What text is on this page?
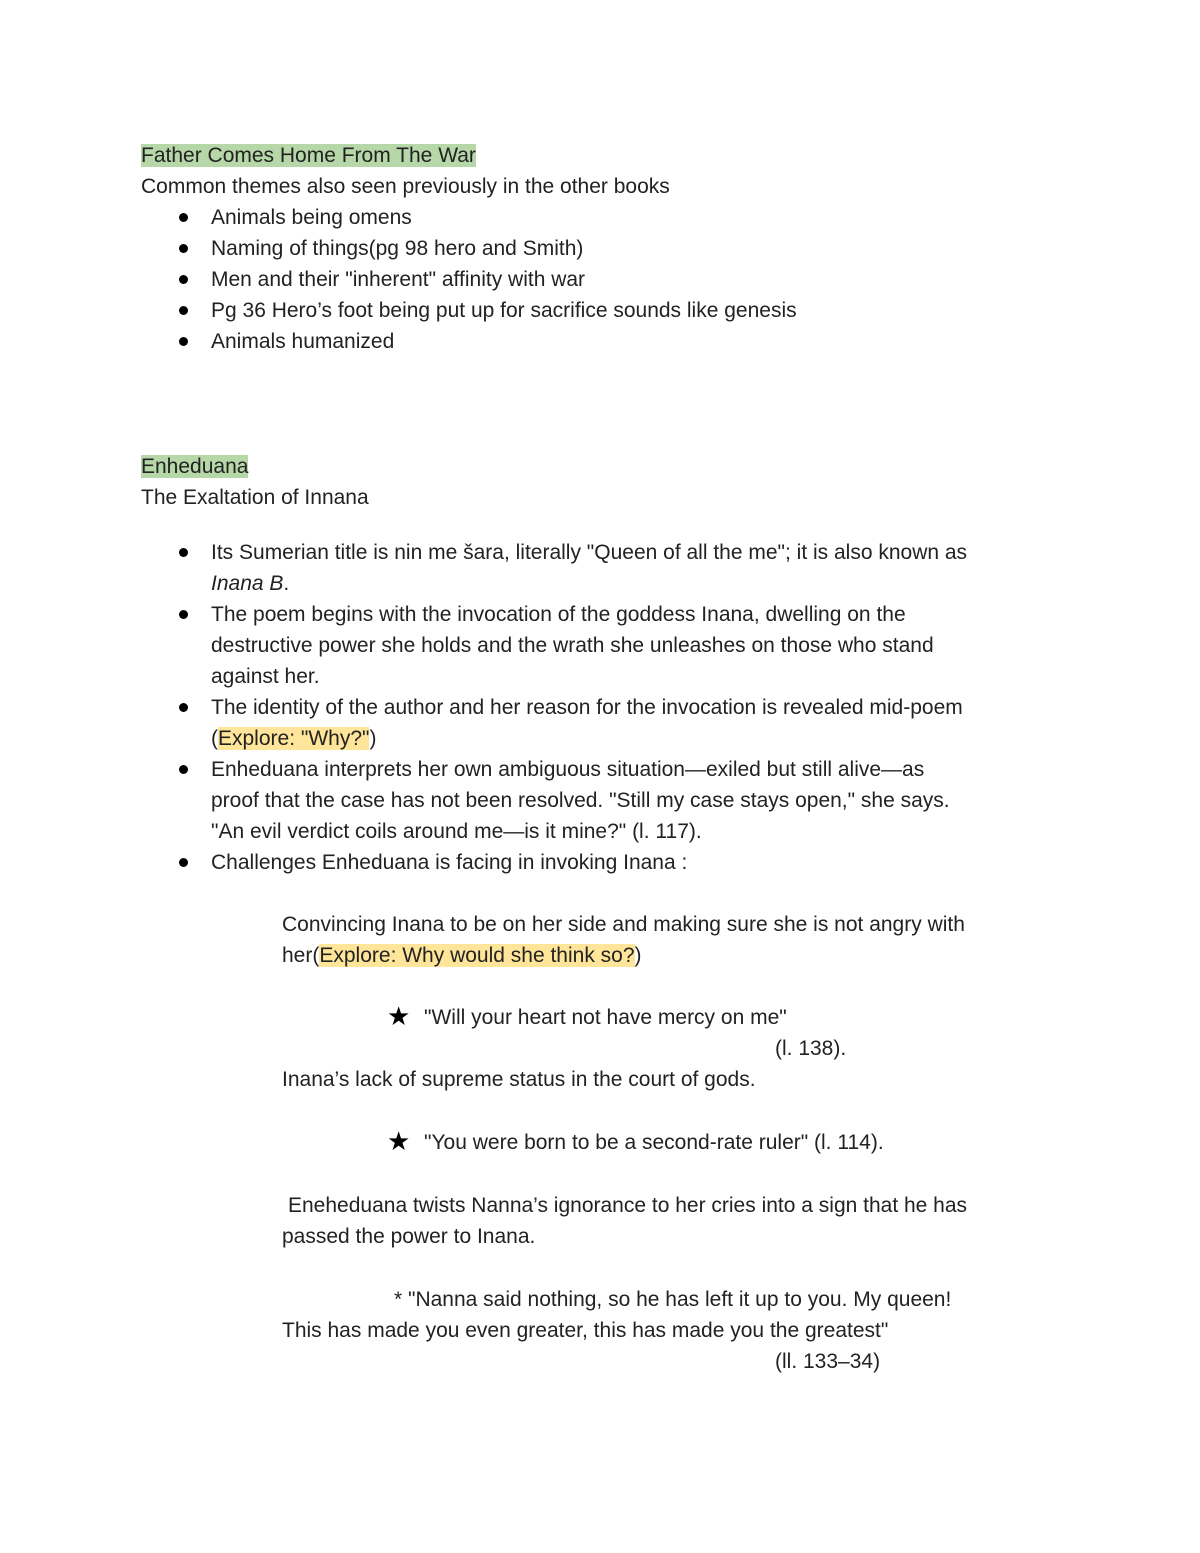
Father Comes Home From The War
Common themes also seen previously in the other books
Animals being omens
Naming of things(pg 98 hero and Smith)
Men and their "inherent" affinity with war
Pg 36 Hero’s foot being put up for sacrifice sounds like genesis
Animals humanized
Enheduana
The Exaltation of Innana
Its Sumerian title is nin me šara, literally "Queen of all the me"; it is also known as
Inana B.
The poem begins with the invocation of the goddess Inana, dwelling on the
destructive power she holds and the wrath she unleashes on those who stand
against her.
The identity of the author and her reason for the invocation is revealed mid-poem
(Explore: "Why?")
Enheduana interprets her own ambiguous situation—exiled but still alive—as
proof that the case has not been resolved. "Still my case stays open," she says.
"An evil verdict coils around me—is it mine?" (l. 117).
Challenges Enheduana is facing in invoking Inana :
Convincing Inana to be on her side and making sure she is not angry with
her(Explore: Why would she think so?)
★ "Will your heart not have mercy on me"
(l. 138).
Inana’s lack of supreme status in the court of gods.
★ "You were born to be a second-rate ruler" (l. 114).
Eneheduana twists Nanna’s ignorance to her cries into a sign that he has
passed the power to Inana.
* "Nanna said nothing, so he has left it up to you. My queen!
This has made you even greater, this has made you the greatest"
(ll. 133–34)
